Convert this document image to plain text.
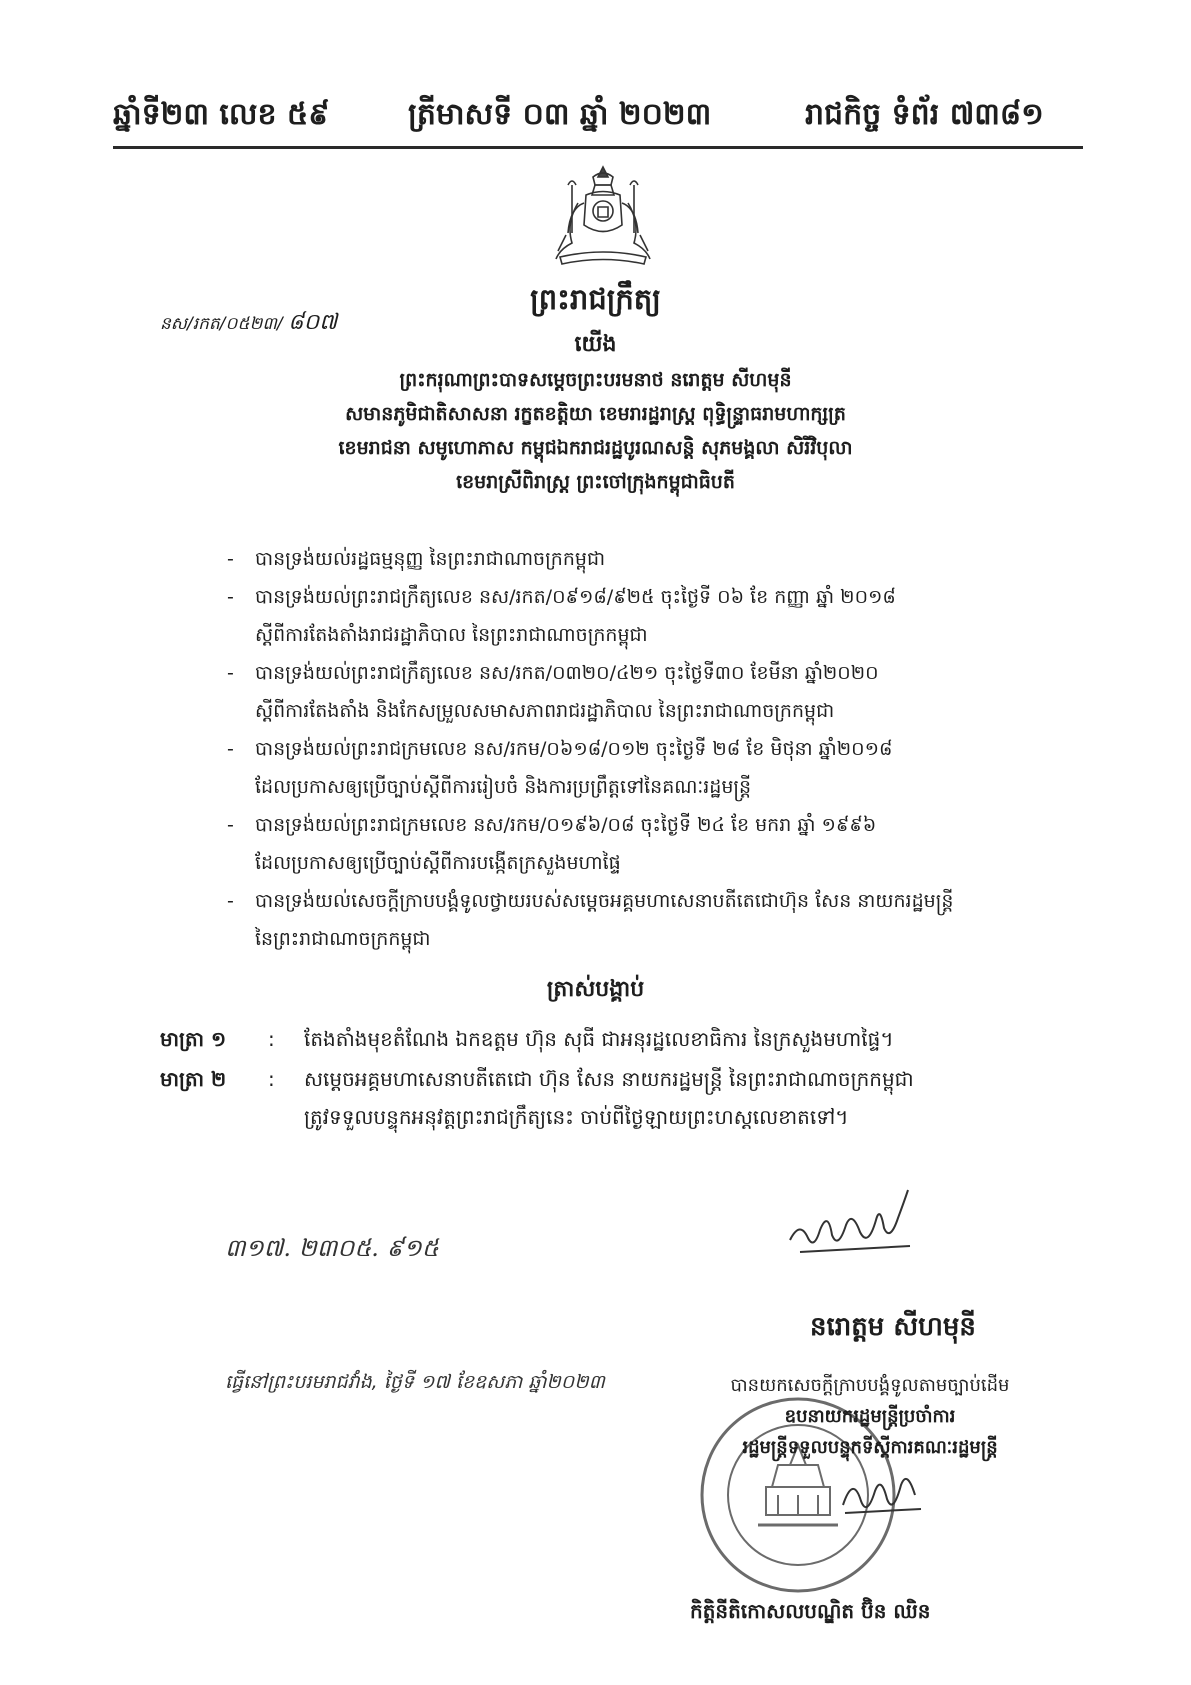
ឆ្នាំទី២៣ លេខ ៥៩	ត្រីមាសទី ០៣ ឆ្នាំ ២០២៣	រាជកិច្ច ទំព័រ ៧៣៨១
ព្រះរាជក្រឹត្យ
នស/រកត/០៥២៣/ ៨០៧
យើង
ព្រះករុណាព្រះបាទសម្តេចព្រះបរមនាថ នរោត្តម សីហមុនី
សមានភូមិជាតិសាសនា រក្ខតខត្តិយា ខេមរារដ្ឋរាស្ត្រ ពុទ្ធិន្ទ្រាធរាមហាក្សត្រ
ខេមរាជនា សមូហោភាស កម្ពុជឯករាជរដ្ឋបូរណសន្តិ សុភមង្គលា សិរីវិបុលា
ខេមរាស្រីពិរាស្ត្រ ព្រះចៅក្រុងកម្ពុជាធិបតី
- បានទ្រង់យល់រដ្ឋធម្មនុញ្ញ នៃព្រះរាជាណាចក្រកម្ពុជា
- បានទ្រង់យល់ព្រះរាជក្រឹត្យលេខ នស/រកត/០៩១៨/៩២៥ ចុះថ្ងៃទី ០៦ ខែ កញ្ញា ឆ្នាំ ២០១៨
ស្តីពីការតែងតាំងរាជរដ្ឋាភិបាល នៃព្រះរាជាណាចក្រកម្ពុជា
- បានទ្រង់យល់ព្រះរាជក្រឹត្យលេខ នស/រកត/០៣២០/៤២១ ចុះថ្ងៃទី៣០ ខែមីនា ឆ្នាំ២០២០
ស្តីពីការតែងតាំង និងកែសម្រួលសមាសភាពរាជរដ្ឋាភិបាល នៃព្រះរាជាណាចក្រកម្ពុជា
- បានទ្រង់យល់ព្រះរាជក្រមលេខ នស/រកម/០៦១៨/០១២ ចុះថ្ងៃទី ២៨ ខែ មិថុនា ឆ្នាំ២០១៨
ដែលប្រកាសឲ្យប្រើច្បាប់ស្តីពីការរៀបចំ និងការប្រព្រឹត្តទៅនៃគណៈរដ្ឋមន្ត្រី
- បានទ្រង់យល់ព្រះរាជក្រមលេខ នស/រកម/០១៩៦/០៨ ចុះថ្ងៃទី ២៤ ខែ មករា ឆ្នាំ ១៩៩៦
ដែលប្រកាសឲ្យប្រើច្បាប់ស្តីពីការបង្កើតក្រសួងមហាផ្ទៃ
- បានទ្រង់យល់សេចក្តីក្រាបបង្គំទូលថ្វាយរបស់សម្តេចអគ្គមហាសេនាបតីតេជោហ៊ុន សែន នាយករដ្ឋមន្ត្រី
នៃព្រះរាជាណាចក្រកម្ពុជា
ត្រាស់បង្គាប់
មាត្រា ១ : តែងតាំងមុខតំណែង ឯកឧត្តម ហ៊ុន សុធី ជាអនុរដ្ឋលេខាធិការ នៃក្រសួងមហាផ្ទៃ។
មាត្រា ២ : សម្តេចអគ្គមហាសេនាបតីតេជោ ហ៊ុន សែន នាយករដ្ឋមន្ត្រី នៃព្រះរាជាណាចក្រកម្ពុជា
ត្រូវទទួលបន្ទុកអនុវត្តព្រះរាជក្រឹត្យនេះ ចាប់ពីថ្ងៃឡាយព្រះហស្តលេខាតទៅ។
៣១៧. ២៣០៥. ៩១៥
នរោត្តម សីហមុនី
ធ្វើនៅព្រះបរមរាជវាំង, ថ្ងៃទី ១៧ ខែឧសភា ឆ្នាំ២០២៣	បានយកសេចក្តីក្រាបបង្គំទូលតាមច្បាប់ដើម
ឧបនាយករដ្ឋមន្ត្រីប្រចាំការ
រដ្ឋមន្ត្រីទទួលបន្ទុកទីស្តីការគណៈរដ្ឋមន្ត្រី
កិត្តិនីតិកោសលបណ្ឌិត ប៊ិន ឈិន
